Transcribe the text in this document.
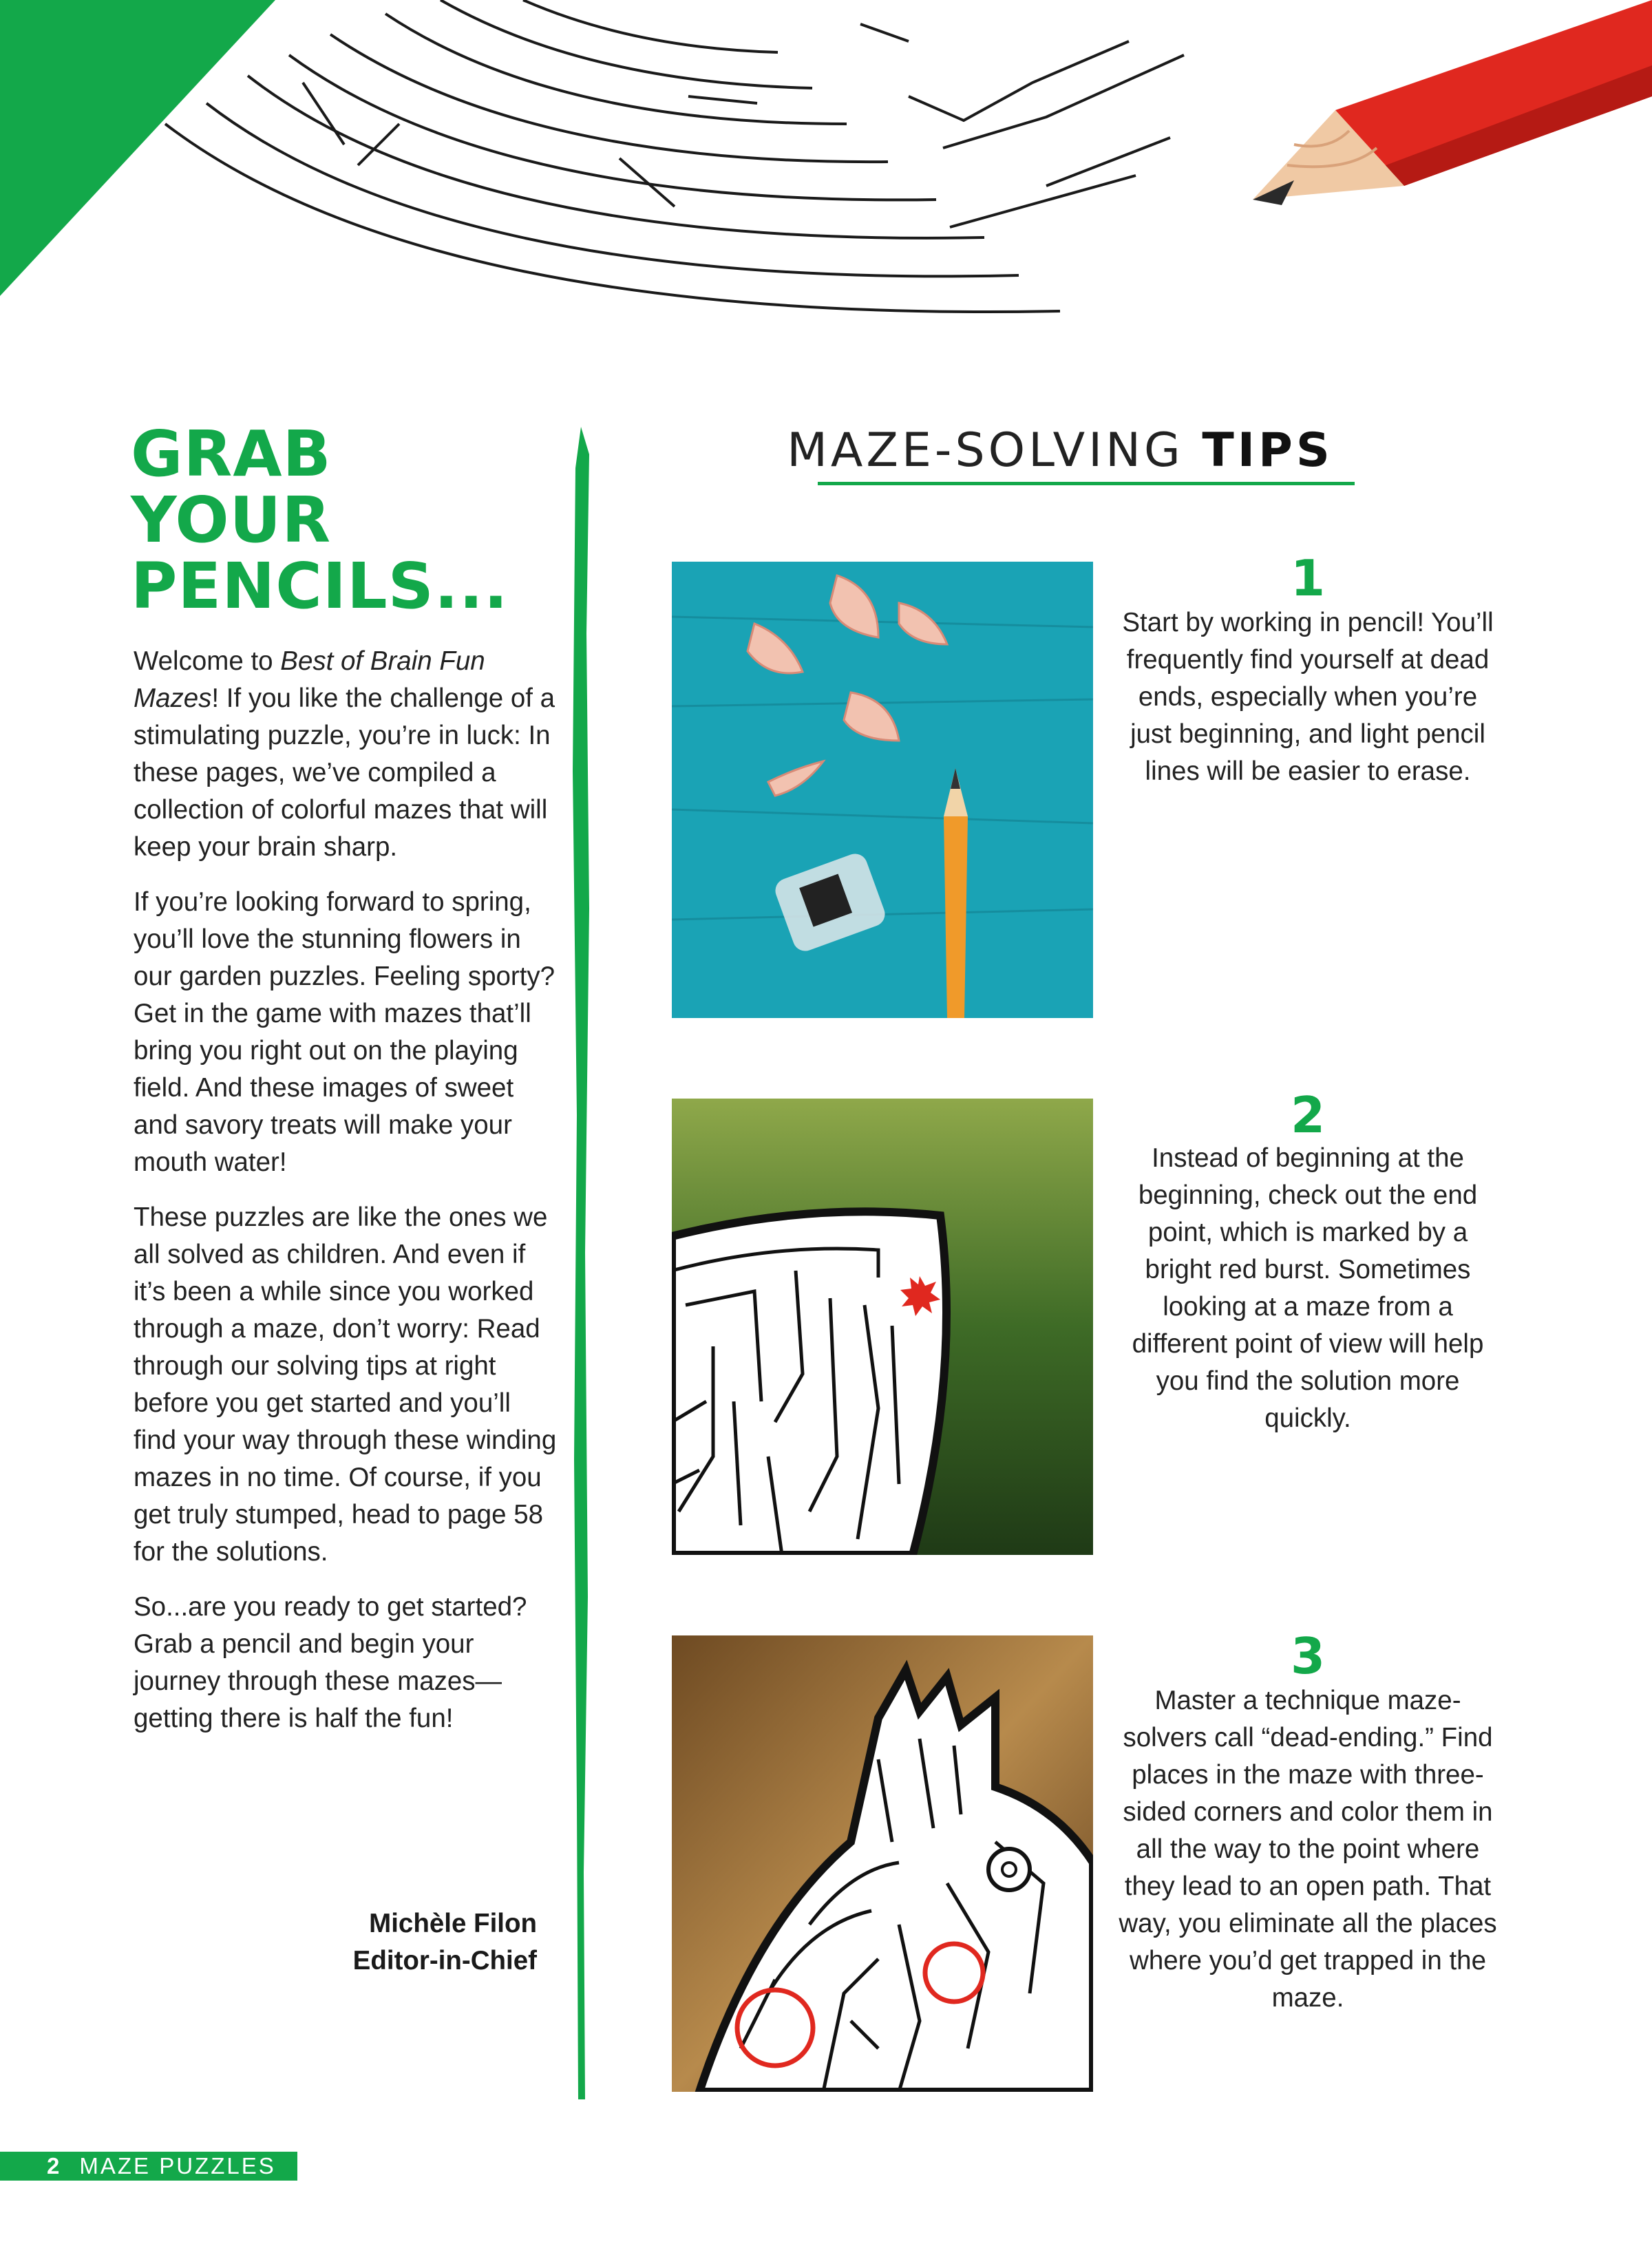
GRAB
YOUR
PENCILS...

Welcome to Best of Brain Fun Mazes! If you like the challenge of a stimulating puzzle, you’re in luck: In these pages, we’ve compiled a collection of colorful mazes that will keep your brain sharp.

If you’re looking forward to spring, you’ll love the stunning flowers in our garden puzzles. Feeling sporty? Get in the game with mazes that’ll bring you right out on the playing field. And these images of sweet and savory treats will make your mouth water!

These puzzles are like the ones we all solved as children. And even if it’s been a while since you worked through a maze, don’t worry: Read through our solving tips at right before you get started and you’ll find your way through these winding mazes in no time. Of course, if you get truly stumped, head to page 58 for the solutions.

So...are you ready to get started? Grab a pencil and begin your journey through these mazes—getting there is half the fun!

Michèle Filon
Editor-in-Chief
MAZE-SOLVING TIPS
1

Start by working in pencil! You’ll frequently find yourself at dead ends, especially when you’re just beginning, and light pencil lines will be easier to erase.

2

Instead of beginning at the beginning, check out the end point, which is marked by a bright red burst. Sometimes looking at a maze from a different point of view will help you find the solution more quickly.

3

Master a technique maze-solvers call “dead-ending.” Find places in the maze with three-sided corners and color them in all the way to the point where they lead to an open path. That way, you eliminate all the places where you’d get trapped in the maze.

2 MAZE PUZZLES
